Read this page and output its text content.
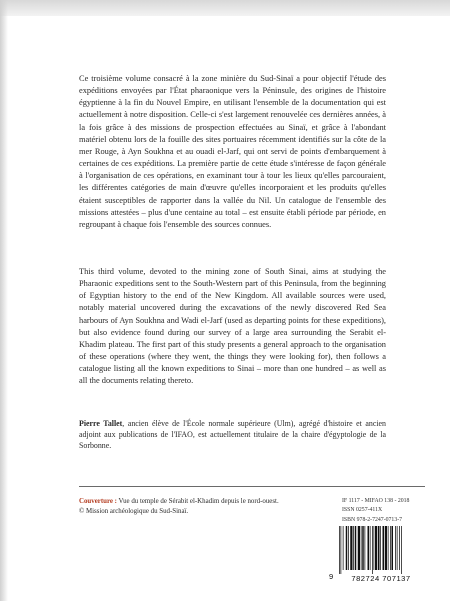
Ce troisième volume consacré à la zone minière du Sud-Sinaï a pour objectif l'étude des expéditions envoyées par l'État pharaonique vers la Péninsule, des origines de l'histoire égyptienne à la fin du Nouvel Empire, en utilisant l'ensemble de la documentation qui est actuellement à notre disposition. Celle-ci s'est largement renouvelée ces dernières années, à la fois grâce à des missions de prospection effectuées au Sinaï, et grâce à l'abondant matériel obtenu lors de la fouille des sites portuaires récemment identifiés sur la côte de la mer Rouge, à Ayn Soukhna et au ouadi el-Jarf, qui ont servi de points d'embarquement à certaines de ces expéditions. La première partie de cette étude s'intéresse de façon générale à l'organisation de ces opérations, en examinant tour à tour les lieux qu'elles parcouraient, les différentes catégories de main d'œuvre qu'elles incorporaient et les produits qu'elles étaient susceptibles de rapporter dans la vallée du Nil. Un catalogue de l'ensemble des missions attestées – plus d'une centaine au total – est ensuite établi période par période, en regroupant à chaque fois l'ensemble des sources connues.

This third volume, devoted to the mining zone of South Sinai, aims at studying the Pharaonic expeditions sent to the South-Western part of this Peninsula, from the beginning of Egyptian history to the end of the New Kingdom. All available sources were used, notably material uncovered during the excavations of the newly discovered Red Sea harbours of Ayn Soukhna and Wadi el-Jarf (used as departing points for these expeditions), but also evidence found during our survey of a large area surrounding the Serabit el-Khadim plateau. The first part of this study presents a general approach to the organisation of these operations (where they went, the things they were looking for), then follows a catalogue listing all the known expeditions to Sinai – more than one hundred – as well as all the documents relating thereto.

Pierre Tallet, ancien élève de l'École normale supérieure (Ulm), agrégé d'histoire et ancien adjoint aux publications de l'IFAO, est actuellement titulaire de la chaire d'égyptologie de la Sorbonne.

Couverture : Vue du temple de Sérabit el-Khadim depuis le nord-ouest.
© Mission archéologique du Sud-Sinaï.
IF 1117 - MIFAO 138 - 2018
ISSN 0257-411X
ISBN 978-2-7247-0713-7
9	782724 707137
